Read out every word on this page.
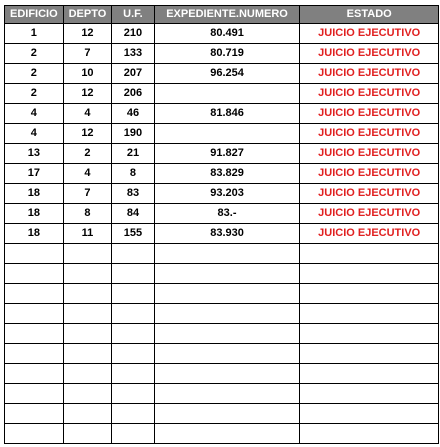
EDIFICIO	DEPTO	U.F.	EXPEDIENTE.NUMERO	ESTADO
1	12	210	80.491	JUICIO EJECUTIVO
2	7	133	80.719	JUICIO EJECUTIVO
2	10	207	96.254	JUICIO EJECUTIVO
2	12	206		JUICIO EJECUTIVO
4	4	46	81.846	JUICIO EJECUTIVO
4	12	190		JUICIO EJECUTIVO
13	2	21	91.827	JUICIO EJECUTIVO
17	4	8	83.829	JUICIO EJECUTIVO
18	7	83	93.203	JUICIO EJECUTIVO
18	8	84	83.-	JUICIO EJECUTIVO
18	11	155	83.930	JUICIO EJECUTIVO
